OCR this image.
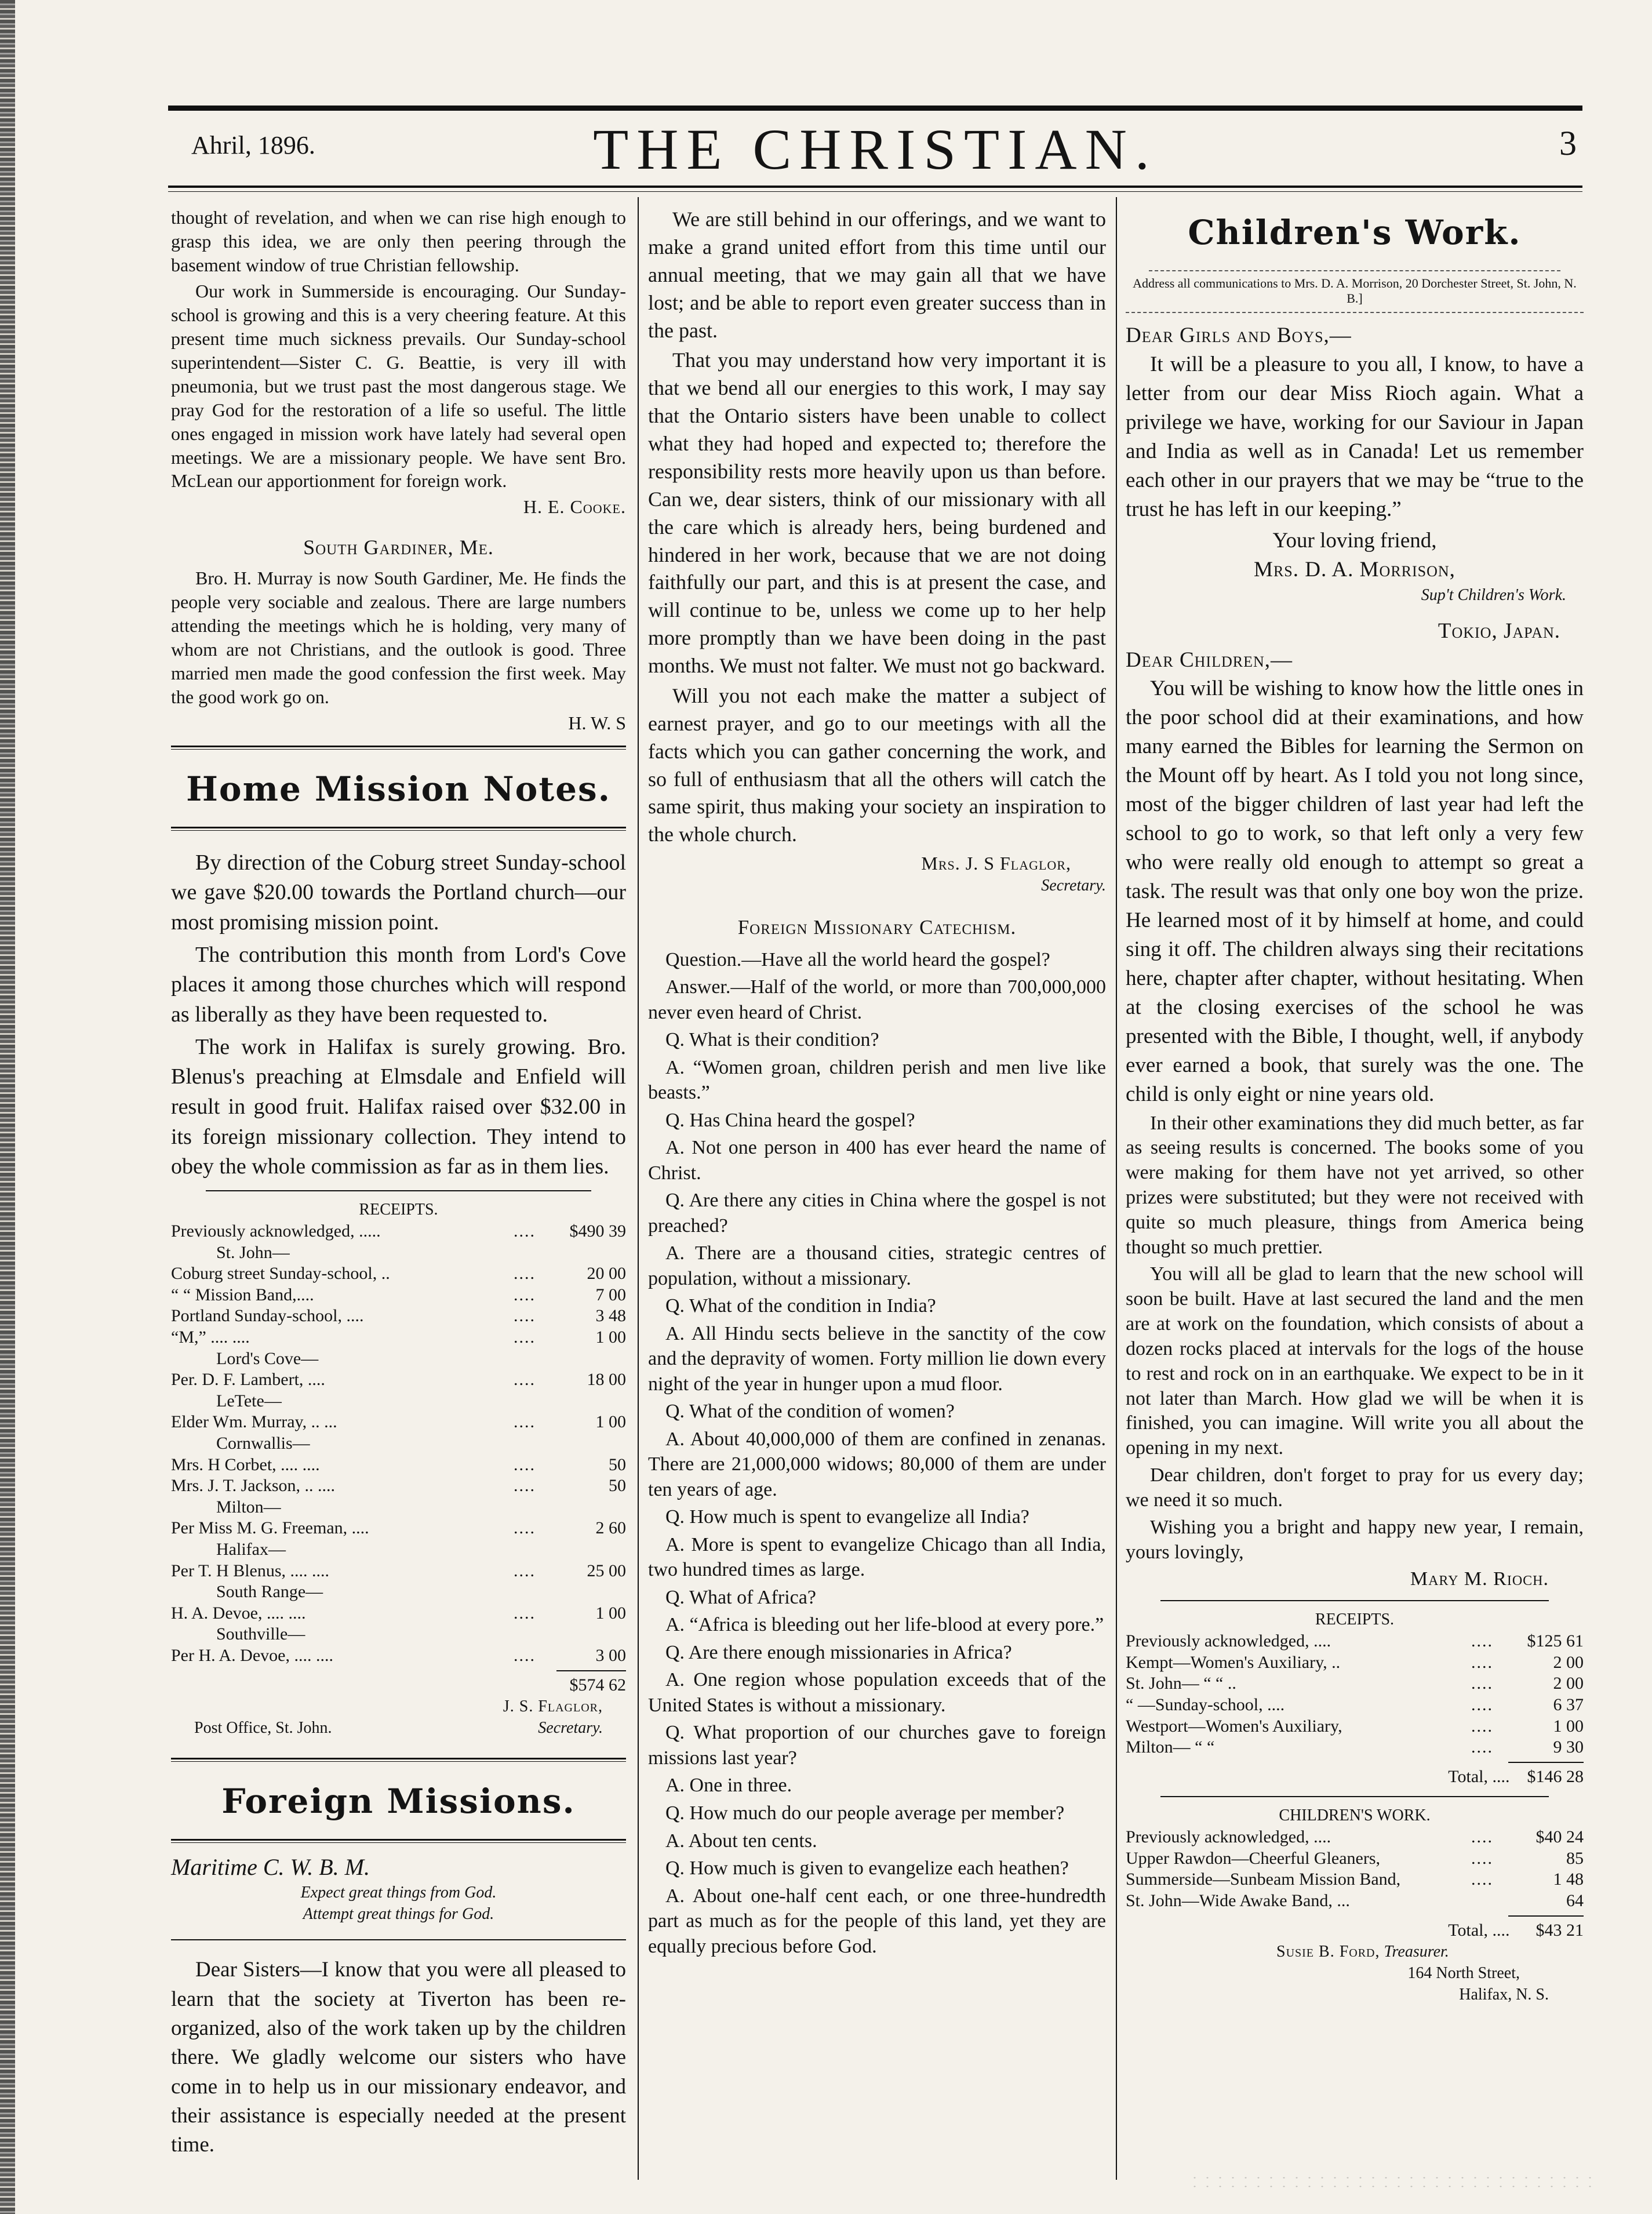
Ahril, 1896.	THE CHRISTIAN.	3

thought of revelation, and when we can rise high enough to grasp this idea, we are only then peering through the basement window of true Christian fellowship.

Our work in Summerside is encouraging. Our Sunday-school is growing and this is a very cheering feature. At this present time much sickness prevails. Our Sunday-school superintendent—Sister C. G. Beattie, is very ill with pneumonia, but we trust past the most dangerous stage. We pray God for the restoration of a life so useful. The little ones engaged in mission work have lately had several open meetings. We are a missionary people. We have sent Bro. McLean our apportionment for foreign work.

H. E. Cooke.
South Gardiner, Me.

Bro. H. Murray is now South Gardiner, Me. He finds the people very sociable and zealous. There are large numbers attending the meetings which he is holding, very many of whom are not Christians, and the outlook is good. Three married men made the good confession the first week. May the good work go on.

H. W. S
Home Mission Notes.

By direction of the Coburg street Sunday-school we gave $20.00 towards the Portland church—our most promising mission point.

The contribution this month from Lord's Cove places it among those churches which will respond as liberally as they have been requested to.

The work in Halifax is surely growing. Bro. Blenus's preaching at Elmsdale and Enfield will result in good fruit. Halifax raised over $32.00 in its foreign missionary collection. They intend to obey the whole commission as far as in them lies.

RECEIPTS.
Previously acknowledged, .....	....	$490 39
St. John—		
Coburg street Sunday-school, ..	....	20 00
“ “ Mission Band,....	....	7 00
Portland Sunday-school, ....	....	3 48
“M,” .... ....	....	1 00
Lord's Cove—		
Per. D. F. Lambert, ....	....	18 00
LeTete—		
Elder Wm. Murray, .. ...	....	1 00
Cornwallis—		
Mrs. H Corbet, .... ....	....	50
Mrs. J. T. Jackson, .. ....	....	50
Milton—		
Per Miss M. G. Freeman, ....	....	2 60
Halifax—		
Per T. H Blenus, .... ....	....	25 00
South Range—		
H. A. Devoe, .... ....	....	1 00
Southville—		
Per H. A. Devoe, .... ....	....	3 00
$574 62
J. S. Flaglor,
Post Office, St. John.	Secretary.
Foreign Missions.
Maritime C. W. B. M.
Expect great things from God.
Attempt great things for God.

Dear Sisters—I know that you were all pleased to learn that the society at Tiverton has been re-organized, also of the work taken up by the children there. We gladly welcome our sisters who have come in to help us in our missionary endeavor, and their assistance is especially needed at the present time.

We are still behind in our offerings, and we want to make a grand united effort from this time until our annual meeting, that we may gain all that we have lost; and be able to report even greater success than in the past.

That you may understand how very important it is that we bend all our energies to this work, I may say that the Ontario sisters have been unable to collect what they had hoped and expected to; therefore the responsibility rests more heavily upon us than before. Can we, dear sisters, think of our missionary with all the care which is already hers, being burdened and hindered in her work, because that we are not doing faithfully our part, and this is at present the case, and will continue to be, unless we come up to her help more promptly than we have been doing in the past months. We must not falter. We must not go backward.

Will you not each make the matter a subject of earnest prayer, and go to our meetings with all the facts which you can gather concerning the work, and so full of enthusiasm that all the others will catch the same spirit, thus making your society an inspiration to the whole church.

Mrs. J. S Flaglor,
Secretary.
Foreign Missionary Catechism.

Question.—Have all the world heard the gospel?

Answer.—Half of the world, or more than 700,000,000 never even heard of Christ.

Q. What is their condition?

A. “Women groan, children perish and men live like beasts.”

Q. Has China heard the gospel?

A. Not one person in 400 has ever heard the name of Christ.

Q. Are there any cities in China where the gospel is not preached?

A. There are a thousand cities, strategic centres of population, without a missionary.

Q. What of the condition in India?

A. All Hindu sects believe in the sanctity of the cow and the depravity of women. Forty million lie down every night of the year in hunger upon a mud floor.

Q. What of the condition of women?

A. About 40,000,000 of them are confined in zenanas. There are 21,000,000 widows; 80,000 of them are under ten years of age.

Q. How much is spent to evangelize all India?

A. More is spent to evangelize Chicago than all India, two hundred times as large.

Q. What of Africa?

A. “Africa is bleeding out her life-blood at every pore.”

Q. Are there enough missionaries in Africa?

A. One region whose population exceeds that of the United States is without a missionary.

Q. What proportion of our churches gave to foreign missions last year?

A. One in three.

Q. How much do our people average per member?

A. About ten cents.

Q. How much is given to evangelize each heathen?

A. About one-half cent each, or one three-hundredth part as much as for the people of this land, yet they are equally precious before God.

Children's Work.
Address all communications to Mrs. D. A. Morrison, 20 Dorchester Street, St. John, N. B.]
Dear Girls and Boys,—

It will be a pleasure to you all, I know, to have a letter from our dear Miss Rioch again. What a privilege we have, working for our Saviour in Japan and India as well as in Canada! Let us remember each other in our prayers that we may be “true to the trust he has left in our keeping.”

Your loving friend,
Mrs. D. A. Morrison,
Sup't Children's Work.
Tokio, Japan.
Dear Children,—

You will be wishing to know how the little ones in the poor school did at their examinations, and how many earned the Bibles for learning the Sermon on the Mount off by heart. As I told you not long since, most of the bigger children of last year had left the school to go to work, so that left only a very few who were really old enough to attempt so great a task. The result was that only one boy won the prize. He learned most of it by himself at home, and could sing it off. The children always sing their recitations here, chapter after chapter, without hesitating. When at the closing exercises of the school he was presented with the Bible, I thought, well, if anybody ever earned a book, that surely was the one. The child is only eight or nine years old.

In their other examinations they did much better, as far as seeing results is concerned. The books some of you were making for them have not yet arrived, so other prizes were substituted; but they were not received with quite so much pleasure, things from America being thought so much prettier.

You will all be glad to learn that the new school will soon be built. Have at last secured the land and the men are at work on the foundation, which consists of about a dozen rocks placed at intervals for the logs of the house to rest and rock on in an earthquake. We expect to be in it not later than March. How glad we will be when it is finished, you can imagine. Will write you all about the opening in my next.

Dear children, don't forget to pray for us every day; we need it so much.

Wishing you a bright and happy new year, I remain, yours lovingly,

Mary M. Rioch.
RECEIPTS.
Previously acknowledged, ....	....	$125 61
Kempt—Women's Auxiliary, ..	....	2 00
St. John— “ “ ..	....	2 00
“ —Sunday-school, ....	....	6 37
Westport—Women's Auxiliary,	....	1 00
Milton— “ “	....	9 30
Total, .... $146 28
CHILDREN'S WORK.
Previously acknowledged, ....	....	$40 24
Upper Rawdon—Cheerful Gleaners,	....	85
Summerside—Sunbeam Mission Band,	....	1 48
St. John—Wide Awake Band, ...		64
Total, .... $43 21
Susie B. Ford, Treasurer.
164 North Street,
Halifax, N. S.
